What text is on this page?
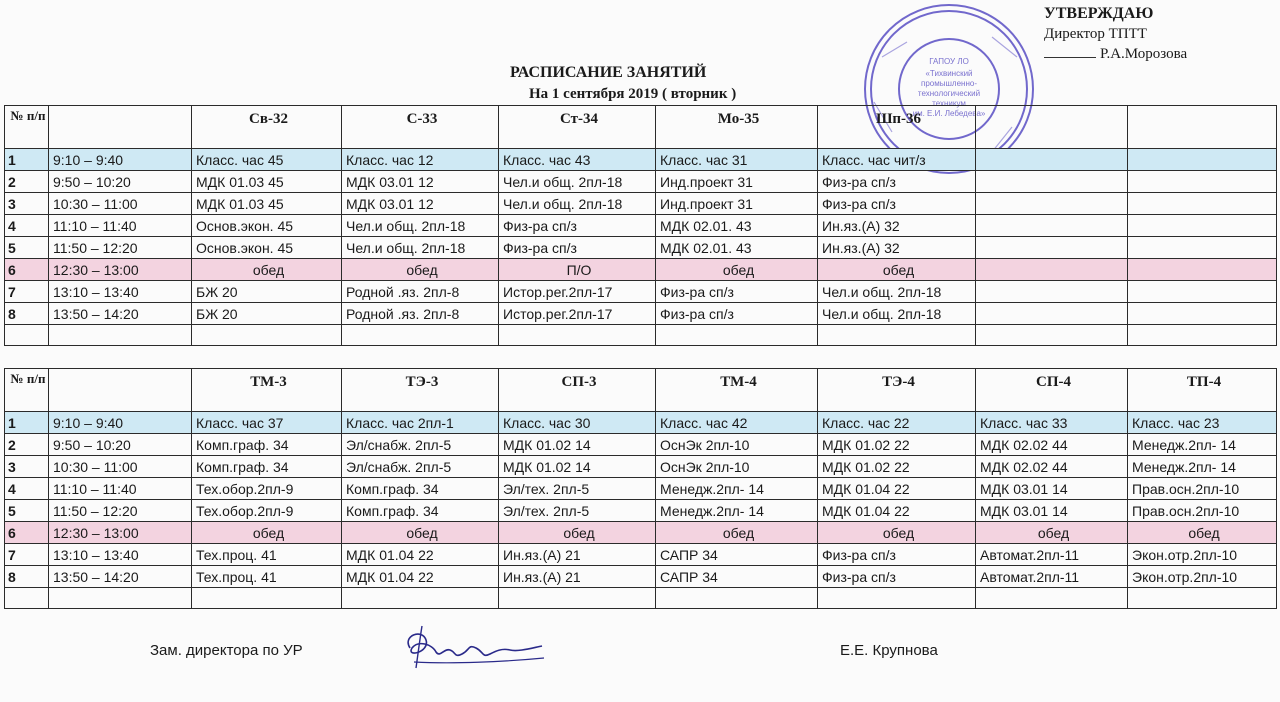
УТВЕРЖДАЮ
Директор ТПТТ
Р.А.Морозова
ГАПОУ ЛО
«Тихвинский
промышленно-
технологический
техникум
им. Е.И. Лебедева»
РАСПИСАНИЕ ЗАНЯТИЙ
На 1 сентября 2019 ( вторник )
№ п/п		Св-32	С-33	Ст-34	Мо-35	Шп-36		
1	9:10 – 9:40	Класс. час 45	Класс. час 12	Класс. час 43	Класс. час 31	Класс. час чит/з		
2	9:50 – 10:20	МДК 01.03 45	МДК 03.01 12	Чел.и общ. 2пл-18	Инд.проект 31	Физ-ра сп/з		
3	10:30 – 11:00	МДК 01.03 45	МДК 03.01 12	Чел.и общ. 2пл-18	Инд.проект 31	Физ-ра сп/з		
4	11:10 – 11:40	Основ.экон. 45	Чел.и общ. 2пл-18	Физ-ра сп/з	МДК 02.01. 43	Ин.яз.(А) 32		
5	11:50 – 12:20	Основ.экон. 45	Чел.и общ. 2пл-18	Физ-ра сп/з	МДК 02.01. 43	Ин.яз.(А) 32		
6	12:30 – 13:00	обед	обед	П/О	обед	обед		
7	13:10 – 13:40	БЖ 20	Родной .яз. 2пл-8	Истор.рег.2пл-17	Физ-ра сп/з	Чел.и общ. 2пл-18		
8	13:50 – 14:20	БЖ 20	Родной .яз. 2пл-8	Истор.рег.2пл-17	Физ-ра сп/з	Чел.и общ. 2пл-18		

№ п/п		ТМ-3	ТЭ-3	СП-3	ТМ-4	ТЭ-4	СП-4	ТП-4
1	9:10 – 9:40	Класс. час 37	Класс. час 2пл-1	Класс. час 30	Класс. час 42	Класс. час 22	Класс. час 33	Класс. час 23
2	9:50 – 10:20	Комп.граф. 34	Эл/снабж. 2пл-5	МДК 01.02 14	ОснЭк 2пл-10	МДК 01.02 22	МДК 02.02 44	Менедж.2пл- 14
3	10:30 – 11:00	Комп.граф. 34	Эл/снабж. 2пл-5	МДК 01.02 14	ОснЭк 2пл-10	МДК 01.02 22	МДК 02.02 44	Менедж.2пл- 14
4	11:10 – 11:40	Тех.обор.2пл-9	Комп.граф. 34	Эл/тех. 2пл-5	Менедж.2пл- 14	МДК 01.04 22	МДК 03.01 14	Прав.осн.2пл-10
5	11:50 – 12:20	Тех.обор.2пл-9	Комп.граф. 34	Эл/тех. 2пл-5	Менедж.2пл- 14	МДК 01.04 22	МДК 03.01 14	Прав.осн.2пл-10
6	12:30 – 13:00	обед	обед	обед	обед	обед	обед	обед
7	13:10 – 13:40	Тех.проц. 41	МДК 01.04 22	Ин.яз.(А) 21	САПР 34	Физ-ра сп/з	Автомат.2пл-11	Экон.отр.2пл-10
8	13:50 – 14:20	Тех.проц. 41	МДК 01.04 22	Ин.яз.(А) 21	САПР 34	Физ-ра сп/з	Автомат.2пл-11	Экон.отр.2пл-10

Зам. директора по УР	Е.Е. Крупнова
